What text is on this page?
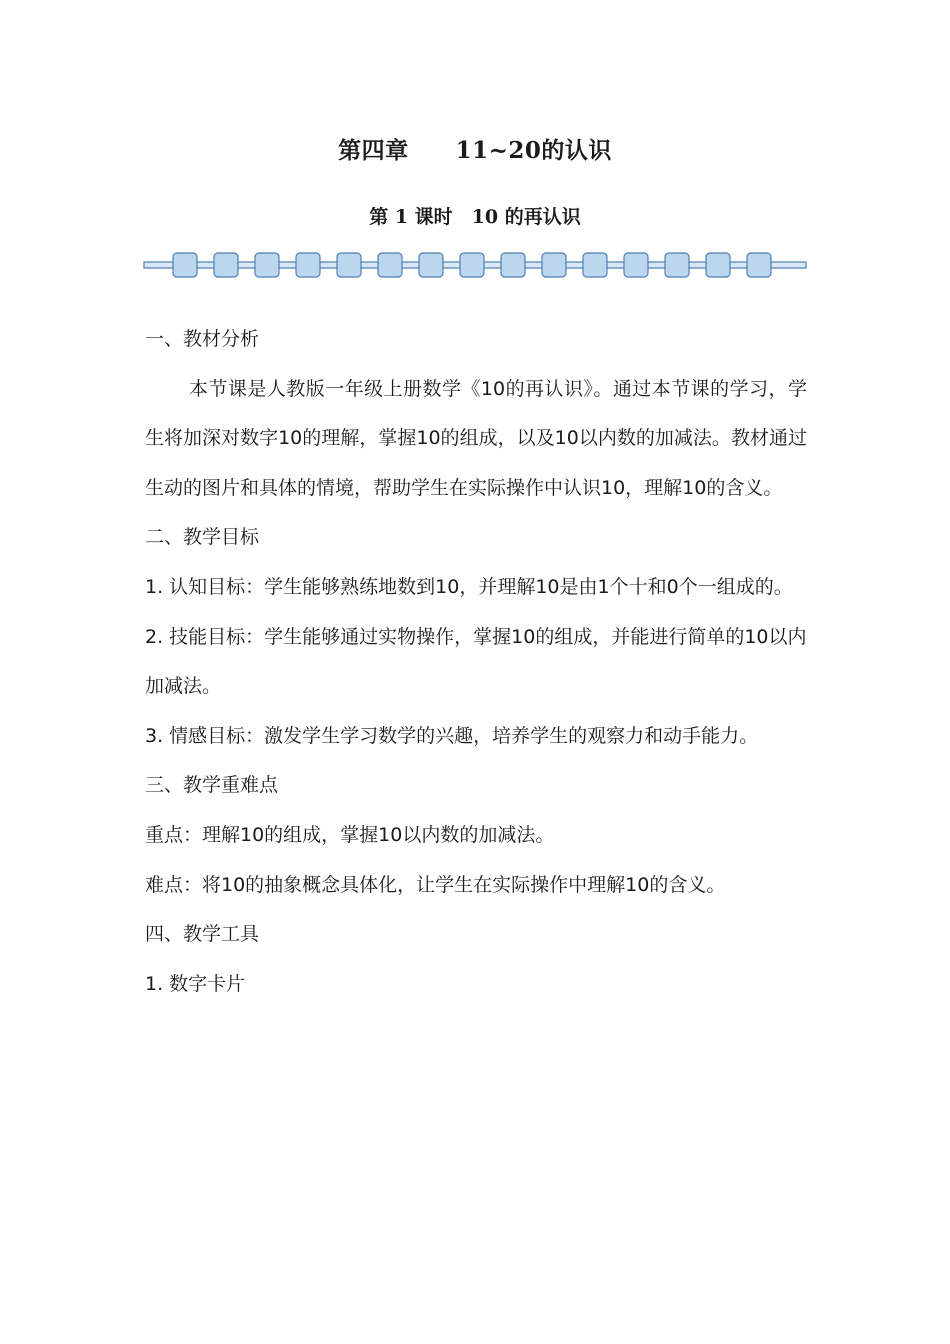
第四章　　11~20的认识
第 1 课时　10 的再认识

一、教材分析

本节课是人教版一年级上册数学《10的再认识》。通过本节课的学习，学生将加深对数字10的理解，掌握10的组成，以及10以内数的加减法。教材通过生动的图片和具体的情境，帮助学生在实际操作中认识10，理解10的含义。

二、教学目标

1. 认知目标：学生能够熟练地数到10，并理解10是由1个十和0个一组成的。

2. 技能目标：学生能够通过实物操作，掌握10的组成，并能进行简单的10以内加减法。

3. 情感目标：激发学生学习数学的兴趣，培养学生的观察力和动手能力。

三、教学重难点

重点：理解10的组成，掌握10以内数的加减法。

难点：将10的抽象概念具体化，让学生在实际操作中理解10的含义。

四、教学工具

1. 数字卡片
